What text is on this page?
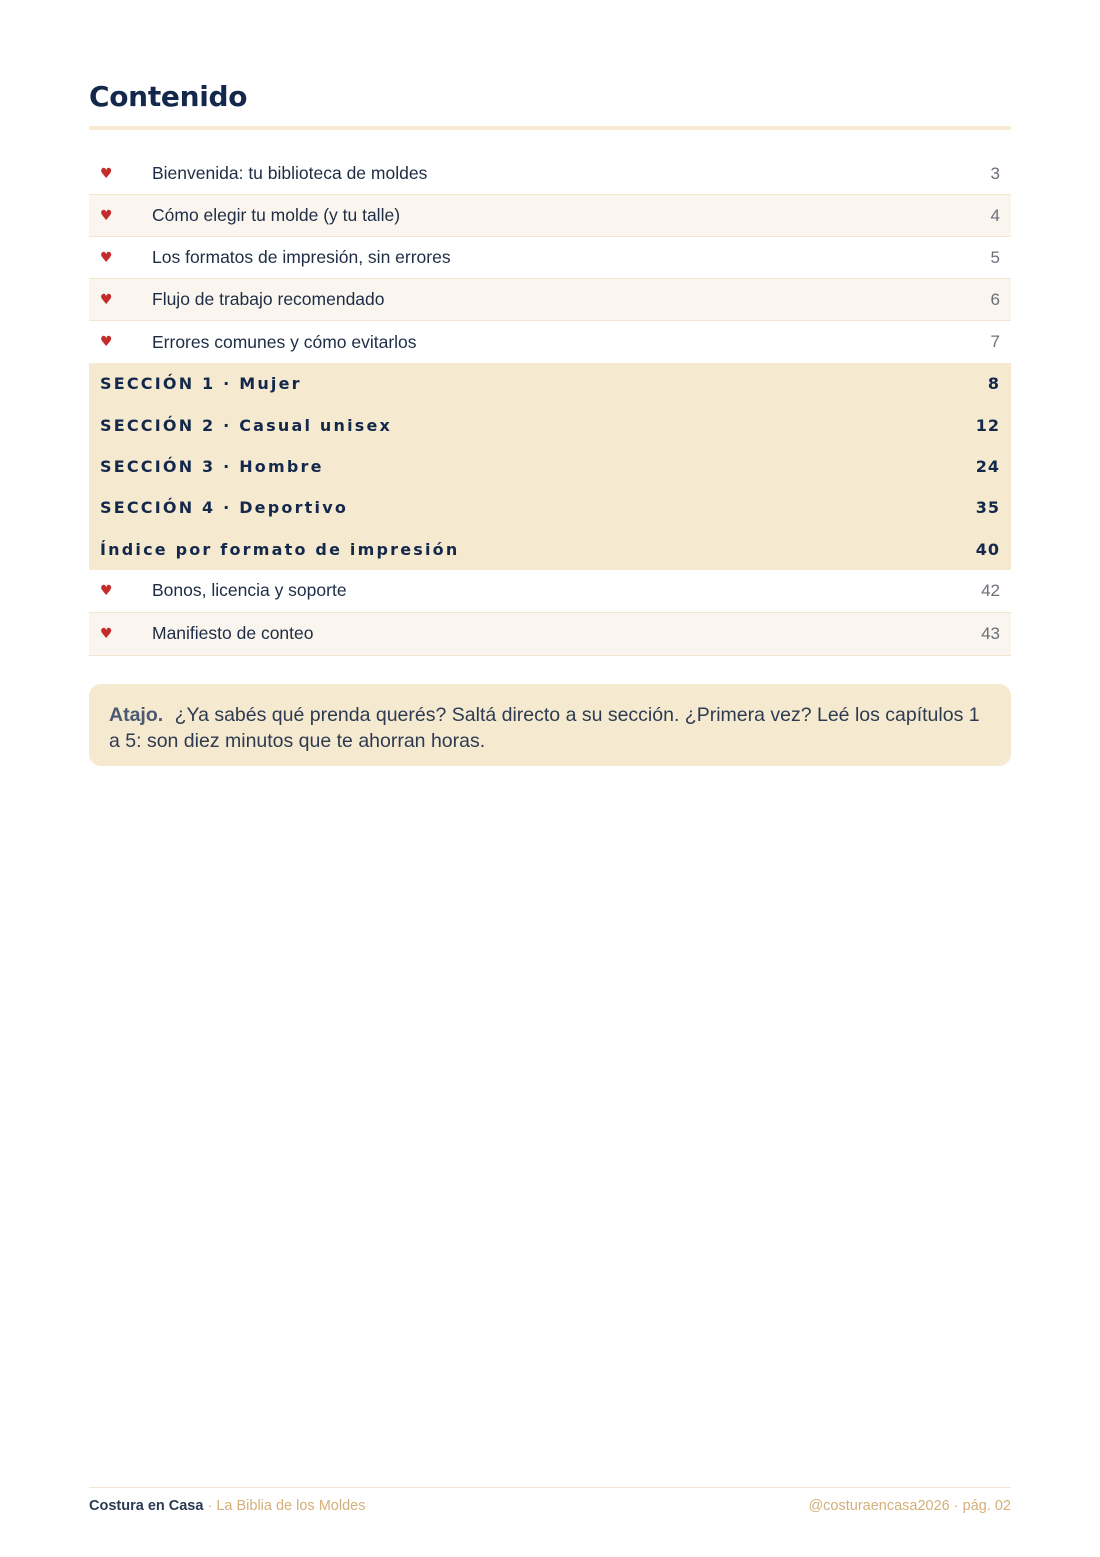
Contenido
♥	Bienvenida: tu biblioteca de moldes	3
♥	Cómo elegir tu molde (y tu talle)	4
♥	Los formatos de impresión, sin errores	5
♥	Flujo de trabajo recomendado	6
♥	Errores comunes y cómo evitarlos	7
SECCIÓN 1 · Mujer	8
SECCIÓN 2 · Casual unisex	12
SECCIÓN 3 · Hombre	24
SECCIÓN 4 · Deportivo	35
Índice por formato de impresión	40
♥	Bonos, licencia y soporte	42
♥	Manifiesto de conteo	43
Atajo. ¿Ya sabés qué prenda querés? Saltá directo a su sección. ¿Primera vez? Leé los capítulos 1 a 5: son diez minutos que te ahorran horas.
Costura en Casa · La Biblia de los Moldes	@costuraencasa2026 · pág. 02
